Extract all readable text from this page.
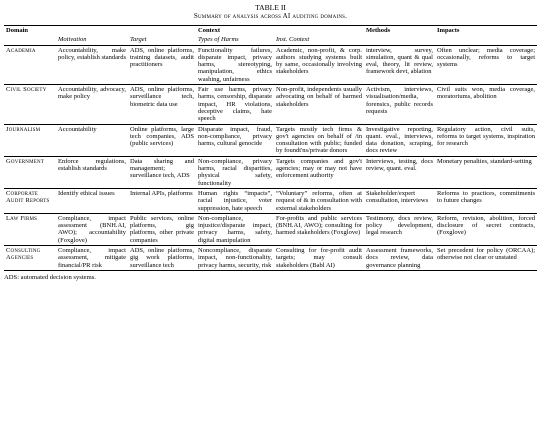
TABLE II
Summary of analysis across AI auditing domains.
Domain			Context		Methods	Impacts
	Motivation	Target	Types of Harms	Inst. Context		
Academia	Accountability, make policy, establish standards	ADS, online platforms, training datasets, audit practitioners	Functionality failures, disparate impact, privacy harms, stereotyping, manipulation, ethics washing, unfairness	Academic, non-profit, & corp. authors studying systems built by same, occasionally involving stakeholders	interview, survey, simulation, quant & qual eval, theory, lit review, framework devt, ablation	Often unclear; media coverage; occasionally, reforms to target systems
Civil Society	Accountability, advocacy, make policy	ADS, online platforms, surveillance tech, biometric data use	Fair use harms, privacy harms, censorship, disparate impact, HR violations, deceptive claims, hate speech	Non-profit, independents usually advocating on behalf of harmed stakeholders	Activism, interviews, visualisation/media, forensics, public records requests	Civil suits won, media coverage, moratoriums, abolition
Journalism	Accountability	Online platforms, large tech companies, ADS (public services)	Disparate impact, fraud, non-compliance, privacy harms, cultural genocide	Targets mostly tech firms & gov't agencies on behalf of /in consultation with public; funded by foundt'ns/private donors	Investigative reporting, quant. eval., interviews, data donation, scraping, docs review	Regulatory action, civil suits, reforms to target systems, inspiration for research
Government	Enforce regulations, establish standards	Data sharing and management; surveillance tech, ADS	Non-compliance, privacy harms, racial disparities, physical safety, functionality	Targets companies and gov't agencies; may or may not have enforcement authority	Interviews, testing, docs review, quant. eval.	Monetary penalties, standard-setting
Corporate Audit Reports	Identify ethical issues	Internal APIs, platforms	Human rights “impacts”, racial injustice, voter suppression, hate speech	“Voluntary” reforms, often at request of & in consultation with external stakeholders	Stakeholder/expert consultation, interviews	Reforms to practices, commitments to future changes
Law Firms	Compliance, impact assessment (BNH.AI, AWO); accountability (Foxglove)	Public services, online platforms, gig platforms, other private companies	Non-compliance, injustice/disparate impact, privacy harms, safety, digital manipulation	For-profits and public services (BNH.AI, AWO); consulting for harmed stakeholders (Foxglove)	Testimony, docs review, policy development, legal research	Reform, revision, abolition, forced disclosure of secret contracts, (Foxglove)
Consulting Agencies	Compliance, impact assessment, mitigate financial/PR risk	ADS, online platforms, gig work platforms, surveillance tech	Noncompliance, disparate impact, non-functionality, privacy harms, security, risk	Consulting for for-profit audit targets; may consult stakeholders (Babl AI)	Assessment frameworks, docs review, data governance planning	Set precedent for policy (ORCAA); otherwise not clear or unstated
ADS: automated decision systems.
